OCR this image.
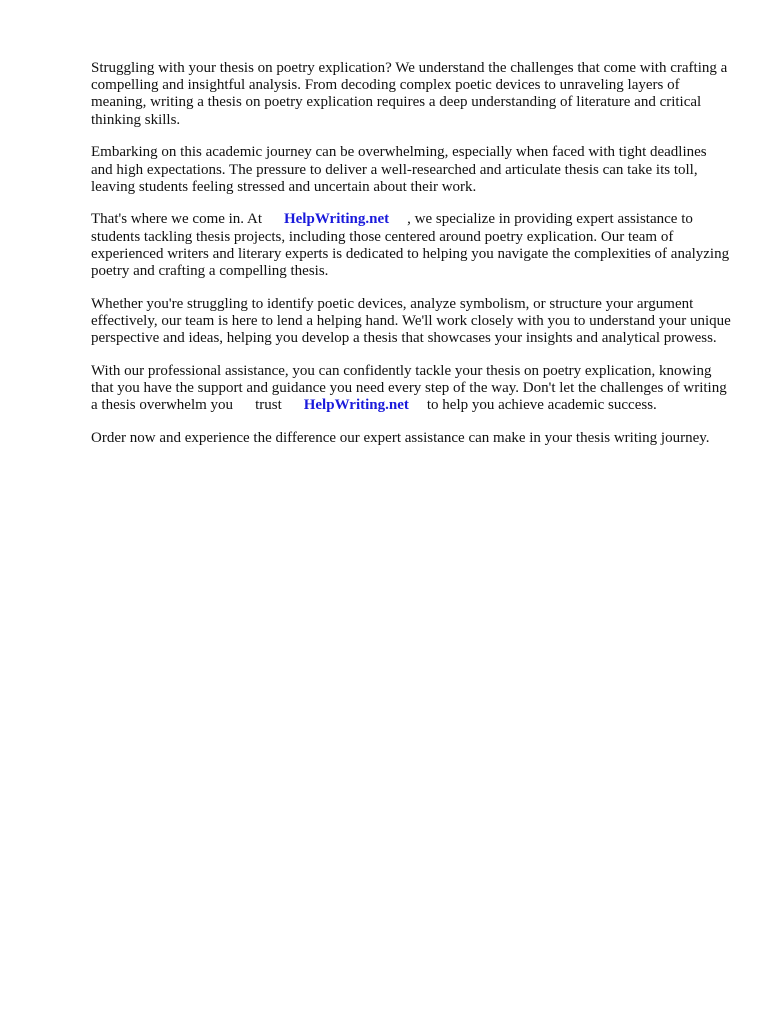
Struggling with your thesis on poetry explication? We understand the challenges that come with crafting a compelling and insightful analysis. From decoding complex poetic devices to unraveling layers of meaning, writing a thesis on poetry explication requires a deep understanding of literature and critical thinking skills.

Embarking on this academic journey can be overwhelming, especially when faced with tight deadlines and high expectations. The pressure to deliver a well-researched and articulate thesis can take its toll, leaving students feeling stressed and uncertain about their work.

That's where we come in. At HelpWriting.net , we specialize in providing expert assistance to students tackling thesis projects, including those centered around poetry explication. Our team of experienced writers and literary experts is dedicated to helping you navigate the complexities of analyzing poetry and crafting a compelling thesis.

Whether you're struggling to identify poetic devices, analyze symbolism, or structure your argument effectively, our team is here to lend a helping hand. We'll work closely with you to understand your unique perspective and ideas, helping you develop a thesis that showcases your insights and analytical prowess.

With our professional assistance, you can confidently tackle your thesis on poetry explication, knowing that you have the support and guidance you need every step of the way. Don't let the challenges of writing a thesis overwhelm you trust HelpWriting.net to help you achieve academic success.

Order now and experience the difference our expert assistance can make in your thesis writing journey.
